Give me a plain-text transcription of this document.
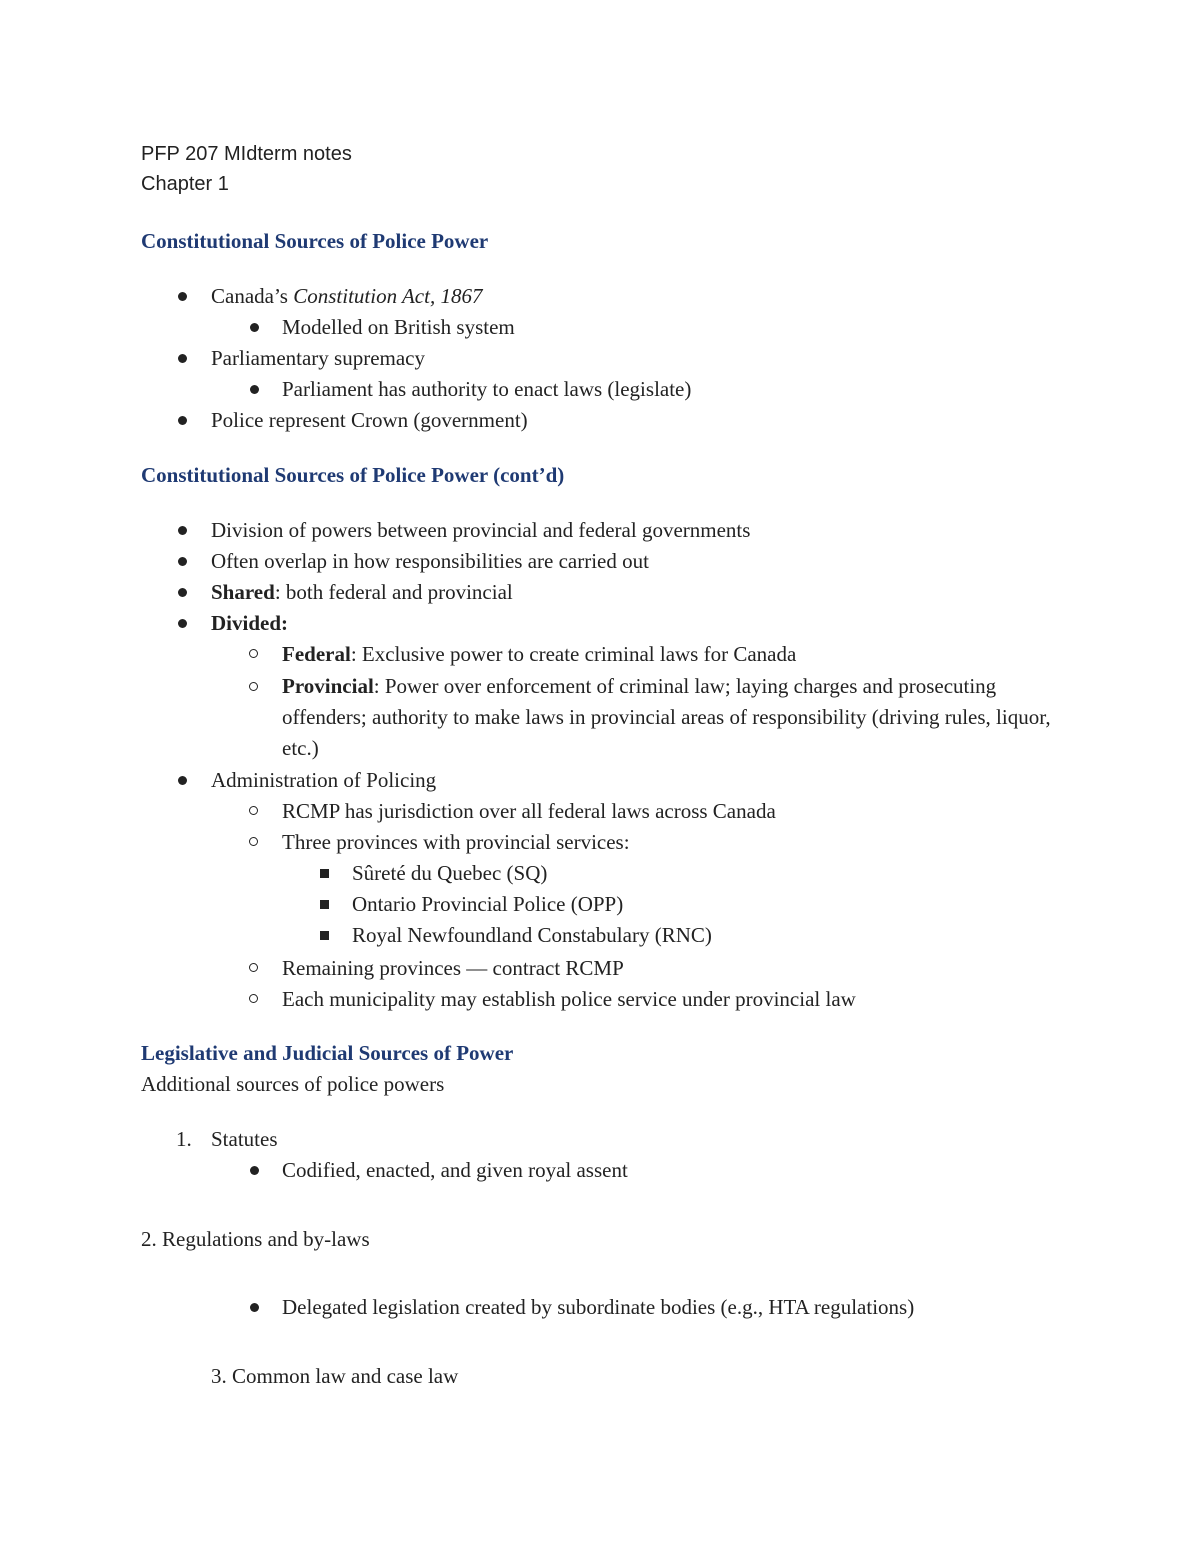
PFP 207 MIdterm notes
Chapter 1
Constitutional Sources of Police Power
Canada’s Constitution Act, 1867
Modelled on British system
Parliamentary supremacy
Parliament has authority to enact laws (legislate)
Police represent Crown (government)
Constitutional Sources of Police Power (cont’d)
Division of powers between provincial and federal governments
Often overlap in how responsibilities are carried out
Shared: both federal and provincial
Divided:
Federal: Exclusive power to create criminal laws for Canada
Provincial: Power over enforcement of criminal law; laying charges and prosecuting offenders; authority to make laws in provincial areas of responsibility (driving rules, liquor, etc.)
Administration of Policing
RCMP has jurisdiction over all federal laws across Canada
Three provinces with provincial services:
Sûreté du Quebec (SQ)
Ontario Provincial Police (OPP)
Royal Newfoundland Constabulary (RNC)
Remaining provinces — contract RCMP
Each municipality may establish police service under provincial law
Legislative and Judicial Sources of Power
Additional sources of police powers
1. Statutes
Codified, enacted, and given royal assent
2. Regulations and by-laws
Delegated legislation created by subordinate bodies (e.g., HTA regulations)
3. Common law and case law
